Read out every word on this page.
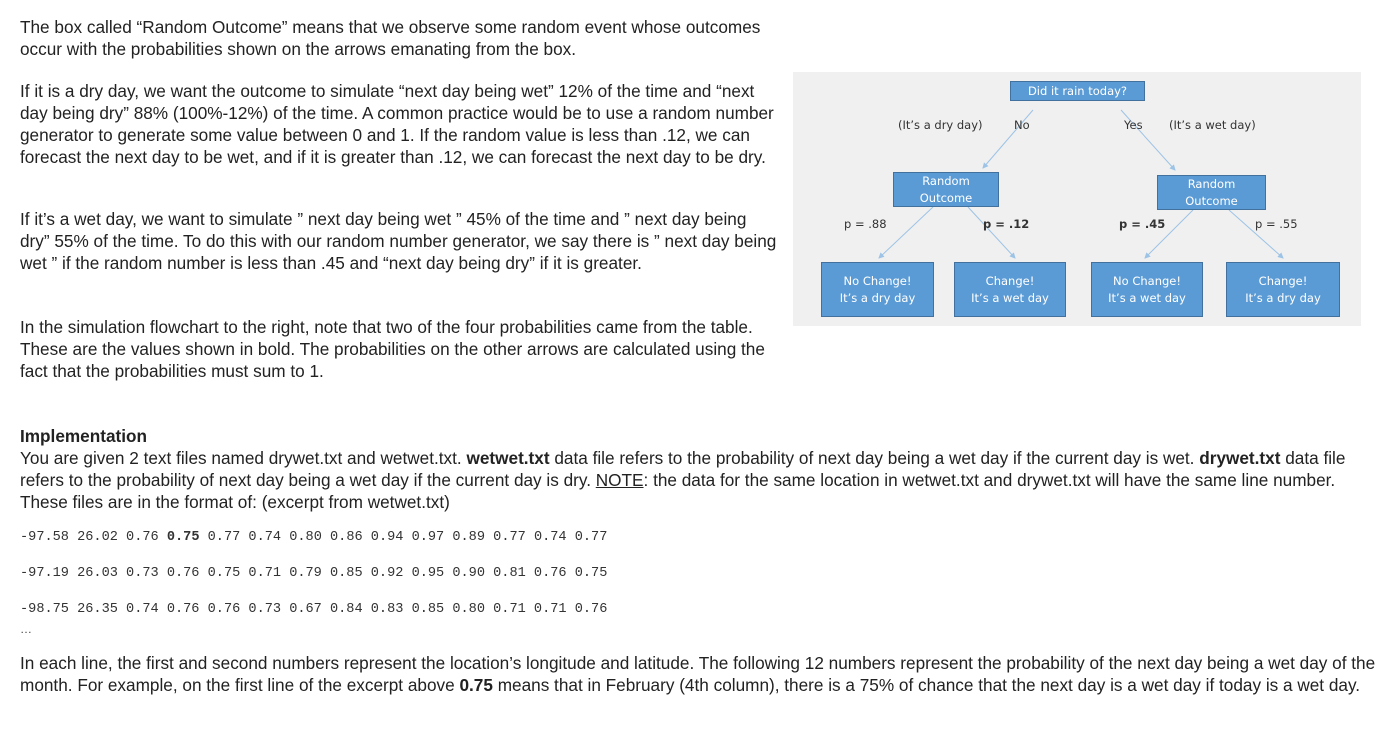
The box called “Random Outcome” means that we observe some random event whose outcomes occur with the probabilities shown on the arrows emanating from the box.

If it is a dry day, we want the outcome to simulate “next day being wet” 12% of the time and “next day being dry” 88% (100%-12%) of the time. A common practice would be to use a random number generator to generate some value between 0 and 1. If the random value is less than .12, we can forecast the next day to be wet, and if it is greater than .12, we can forecast the next day to be dry.

If it’s a wet day, we want to simulate ” next day being wet ” 45% of the time and ” next day being dry” 55% of the time. To do this with our random number generator, we say there is ” next day being wet ” if the random number is less than .45 and “next day being dry” if it is greater.

In the simulation flowchart to the right, note that two of the four probabilities came from the table. These are the values shown in bold. The probabilities on the other arrows are calculated using the fact that the probabilities must sum to 1.

Did it rain today?
(It’s a dry day)	No	Yes (It’s a wet day)
Random
Outcome
Random
Outcome
p = .88	p = .12	p = .45	p = .55
No Change!
It’s a dry day
Change!
It’s a wet day
No Change!
It’s a wet day
Change!
It’s a dry day

Implementation
You are given 2 text files named drywet.txt and wetwet.txt. wetwet.txt data file refers to the probability of next day being a wet day if the current day is wet. drywet.txt data file refers to the probability of next day being a wet day if the current day is dry. NOTE: the data for the same location in wetwet.txt and drywet.txt will have the same line number. These files are in the format of: (excerpt from wetwet.txt)

-97.58 26.02 0.76 0.75 0.77 0.74 0.80 0.86 0.94 0.97 0.89 0.77 0.74 0.77
-97.19 26.03 0.73 0.76 0.75 0.71 0.79 0.85 0.92 0.95 0.90 0.81 0.76 0.75
-98.75 26.35 0.74 0.76 0.76 0.73 0.67 0.84 0.83 0.85 0.80 0.71 0.71 0.76
…

In each line, the first and second numbers represent the location’s longitude and latitude. The following 12 numbers represent the probability of the next day being a wet day of the month. For example, on the first line of the excerpt above 0.75 means that in February (4th column), there is a 75% of chance that the next day is a wet day if today is a wet day.
